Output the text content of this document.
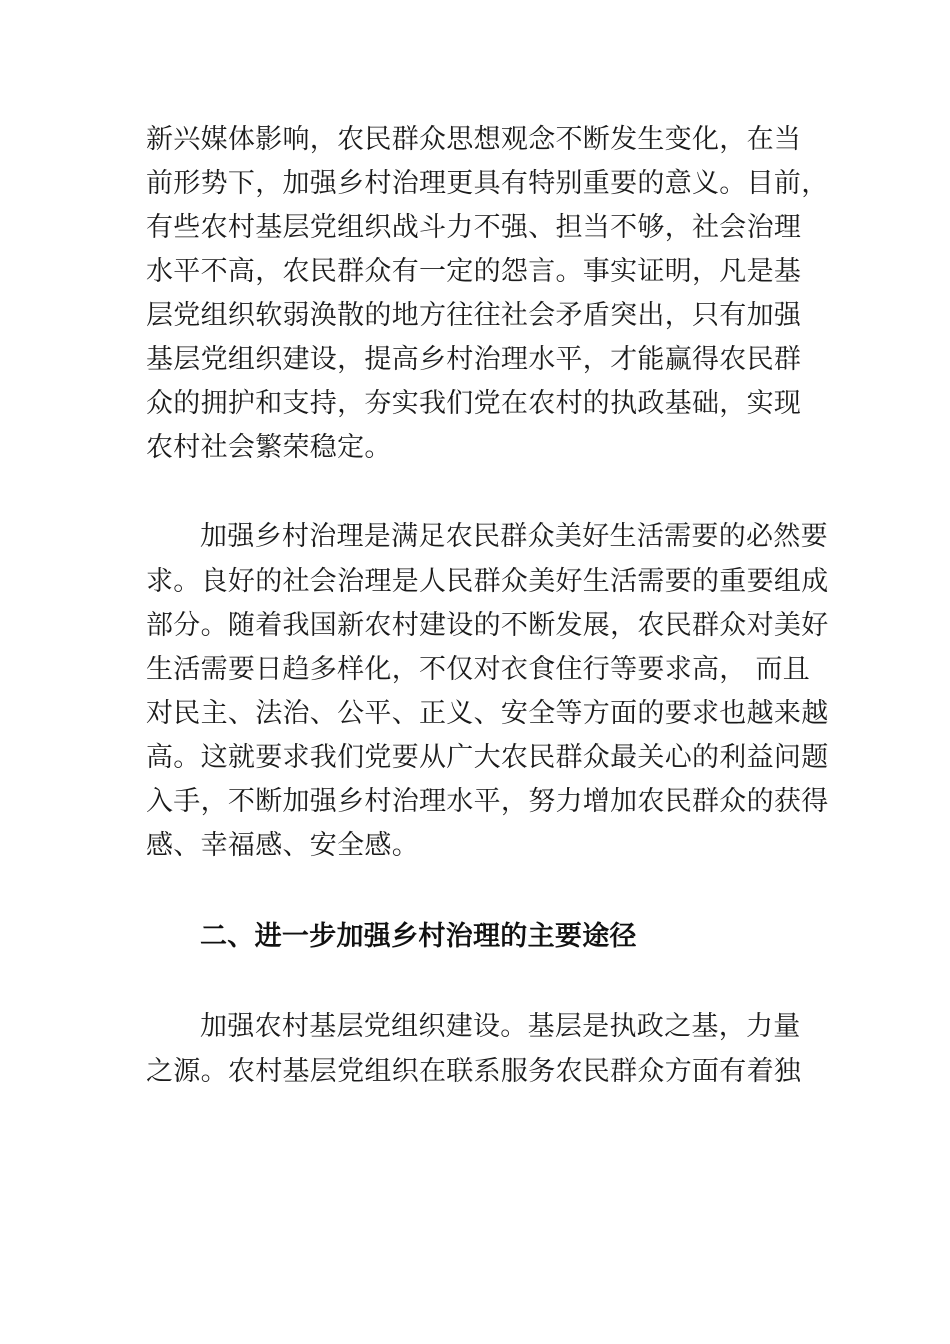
新兴媒体影响，农民群众思想观念不断发生变化，在当
前形势下，加强乡村治理更具有特别重要的意义。目前，
有些农村基层党组织战斗力不强、担当不够，社会治理
水平不高，农民群众有一定的怨言。事实证明，凡是基
层党组织软弱涣散的地方往往社会矛盾突出，只有加强
基层党组织建设，提高乡村治理水平，才能赢得农民群
众的拥护和支持，夯实我们党在农村的执政基础，实现
农村社会繁荣稳定。
加强乡村治理是满足农民群众美好生活需要的必然要
求。良好的社会治理是人民群众美好生活需要的重要组成
部分。随着我国新农村建设的不断发展，农民群众对美好
生活需要日趋多样化，不仅对衣食住行等要求高， 而且
对民主、法治、公平、正义、安全等方面的要求也越来越
高。这就要求我们党要从广大农民群众最关心的利益问题
入手，不断加强乡村治理水平，努力增加农民群众的获得
感、幸福感、安全感。
二、进一步加强乡村治理的主要途径
加强农村基层党组织建设。基层是执政之基，力量
之源。农村基层党组织在联系服务农民群众方面有着独
